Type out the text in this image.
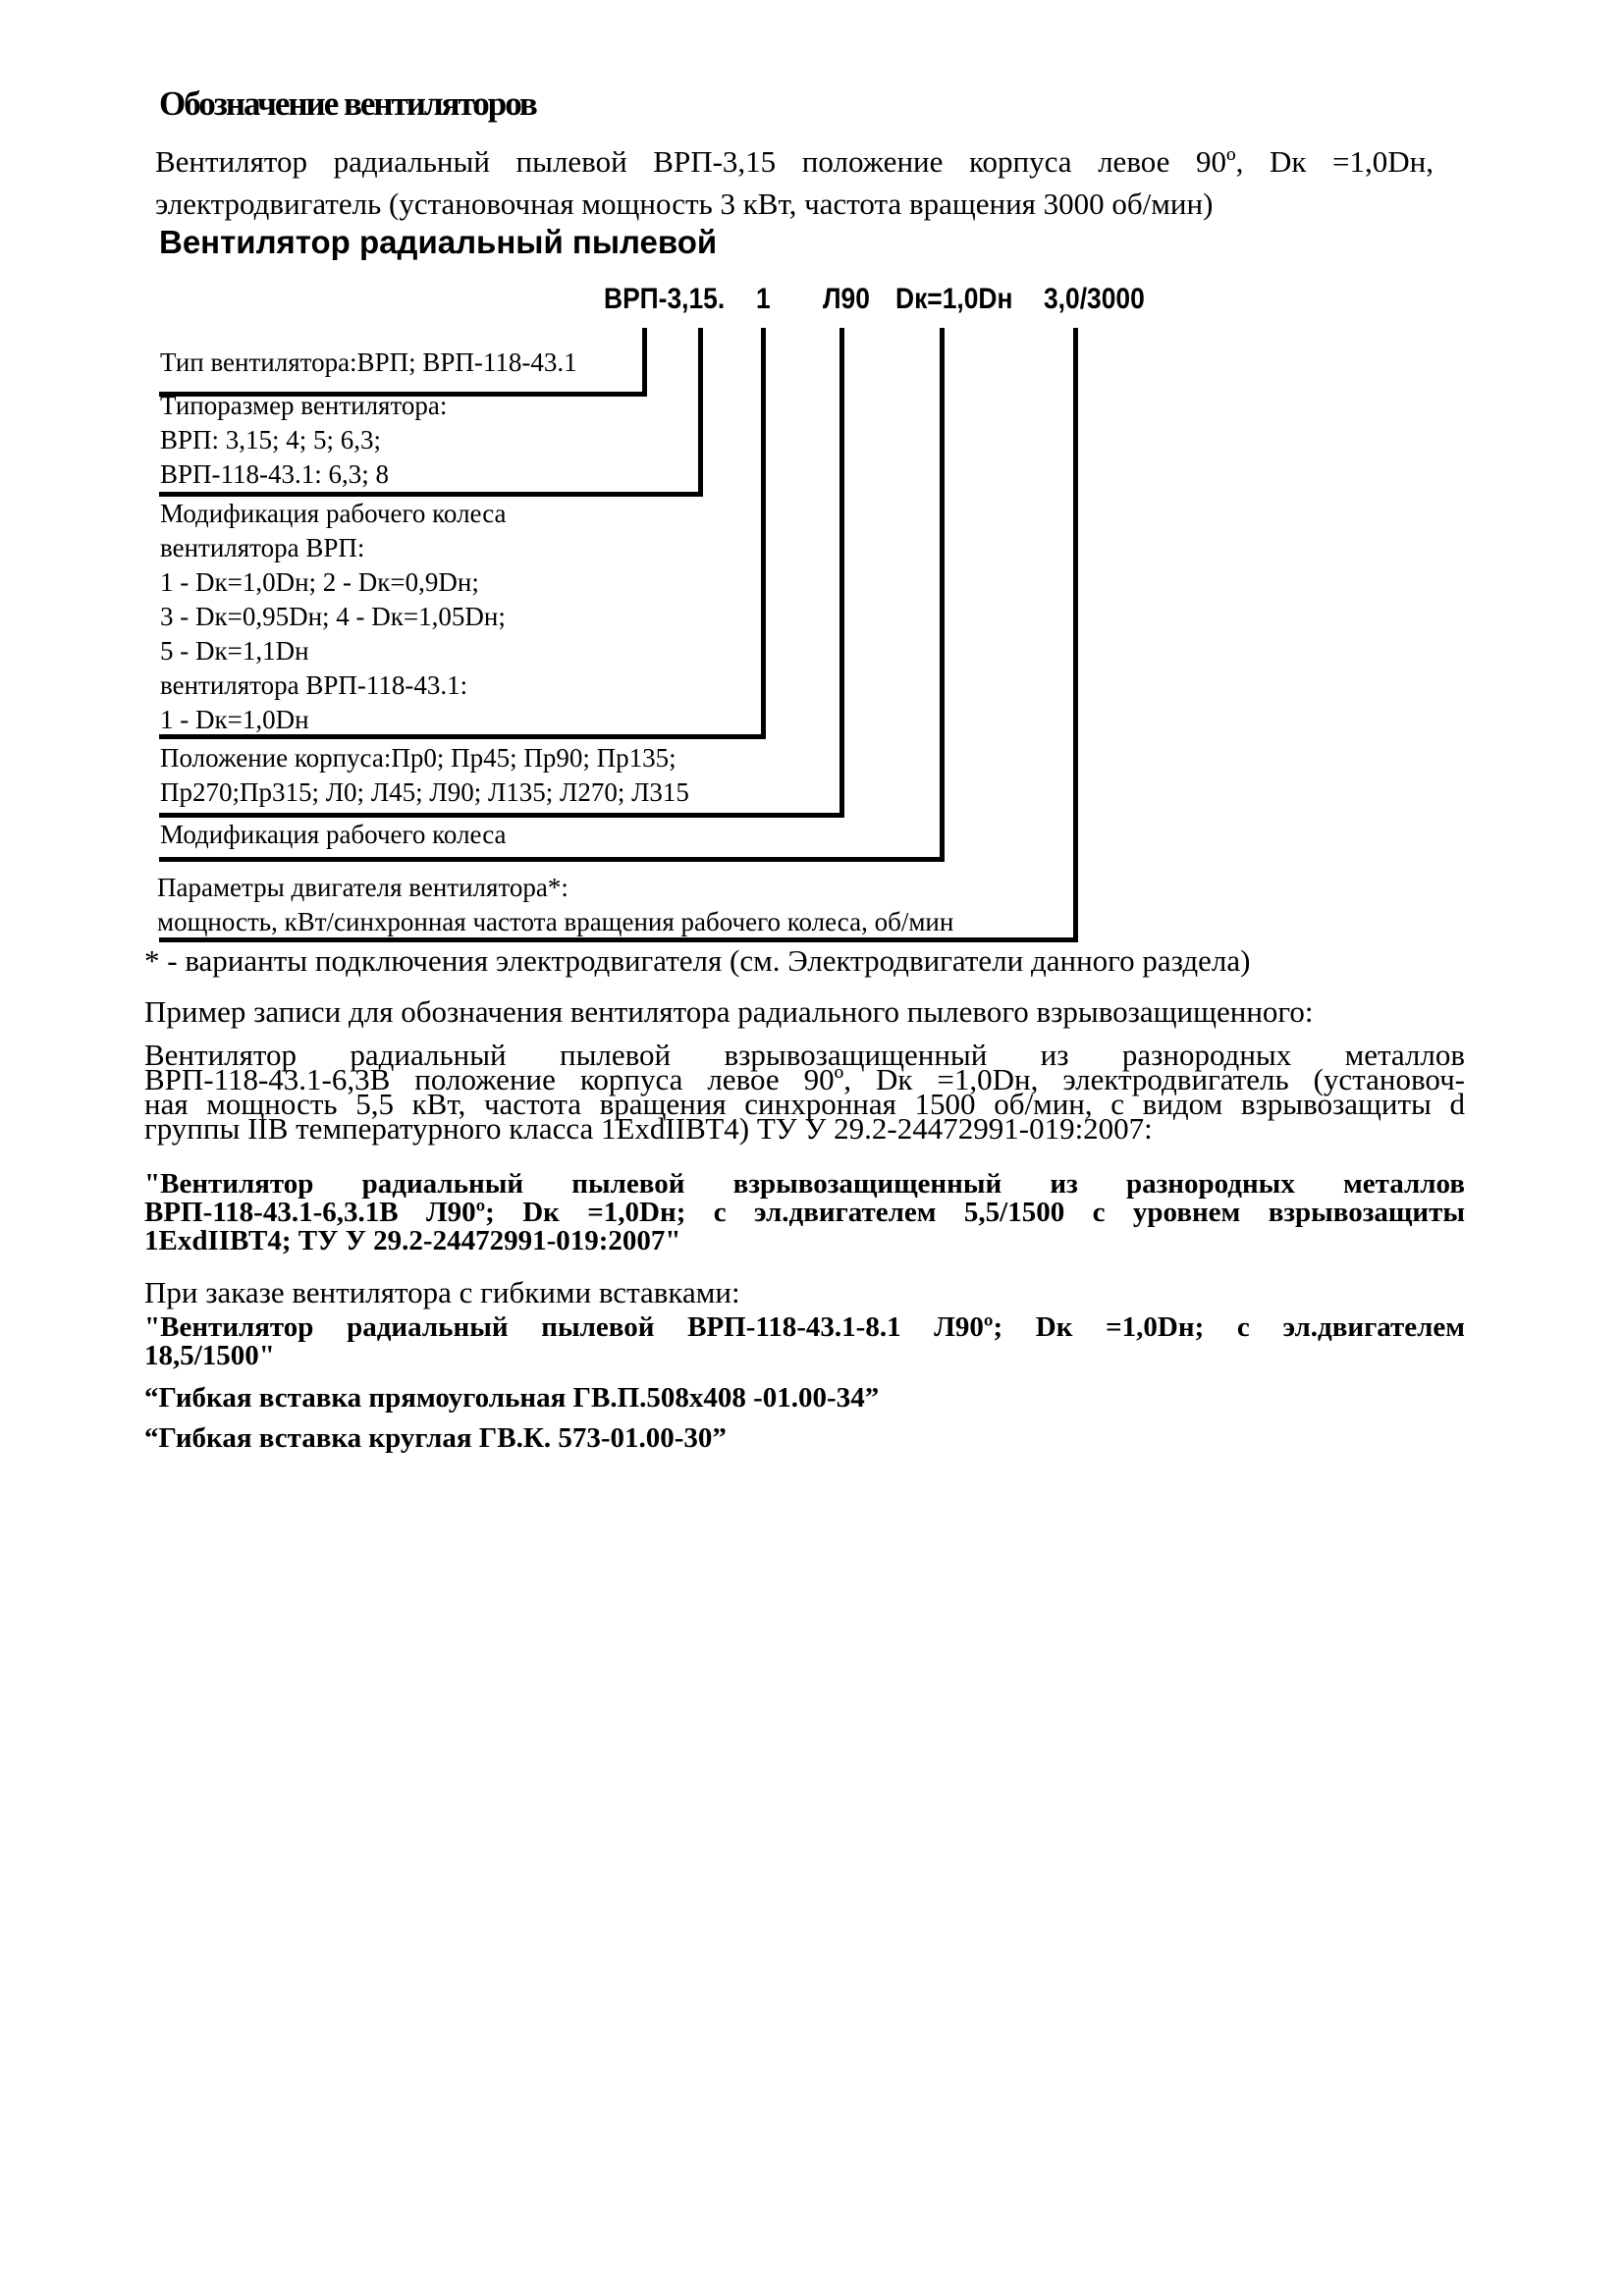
Обозначение вентиляторов
Вентилятор радиальный пылевой ВРП-3,15 положение корпуса левое 90º, Dк =1,0Dн,
электродвигатель (установочная мощность 3 кВт, частота вращения 3000 об/мин)
Вентилятор радиальный пылевой
ВРП-3,15. 1 Л90 Dк=1,0Dн 3,0/3000
Тип вентилятора:ВРП; ВРП-118-43.1
Типоразмер вентилятора:
ВРП: 3,15; 4; 5; 6,3;
ВРП-118-43.1: 6,3; 8
Модификация рабочего колеса
вентилятора ВРП:
1 - Dк=1,0Dн; 2 - Dк=0,9Dн;
3 - Dк=0,95Dн; 4 - Dк=1,05Dн;
5 - Dк=1,1Dн
вентилятора ВРП-118-43.1:
1 - Dк=1,0Dн
Положение корпуса:Пр0; Пр45; Пр90; Пр135;
Пр270;Пр315; Л0; Л45; Л90; Л135; Л270; Л315
Модификация рабочего колеса
Параметры двигателя вентилятора*:
мощность, кВт/синхронная частота вращения рабочего колеса, об/мин
* - варианты подключения электродвигателя (см. Электродвигатели данного раздела)
Пример записи для обозначения вентилятора радиального пылевого взрывозащищенного:
Вентилятор радиальный пылевой взрывозащищенный из разнородных металлов
ВРП-118-43.1-6,3В положение корпуса левое 90º, Dк =1,0Dн, электродвигатель (установоч-
ная мощность 5,5 кВт, частота вращения синхронная 1500 об/мин, с видом взрывозащиты d
группы IIВ температурного класса 1ExdIIВТ4) ТУ У 29.2-24472991-019:2007:
"Вентилятор радиальный пылевой взрывозащищенный из разнородных металлов
ВРП-118-43.1-6,3.1В Л90º; Dк =1,0Dн; с эл.двигателем 5,5/1500 с уровнем взрывозащиты
1ExdIIВТ4; ТУ У 29.2-24472991-019:2007"
При заказе вентилятора с гибкими вставками:
"Вентилятор радиальный пылевой ВРП-118-43.1-8.1 Л90º; Dк =1,0Dн; с эл.двигателем
18,5/1500"
“Гибкая вставка прямоугольная ГВ.П.508х408 -01.00-34”
“Гибкая вставка круглая ГВ.К. 573-01.00-30”
